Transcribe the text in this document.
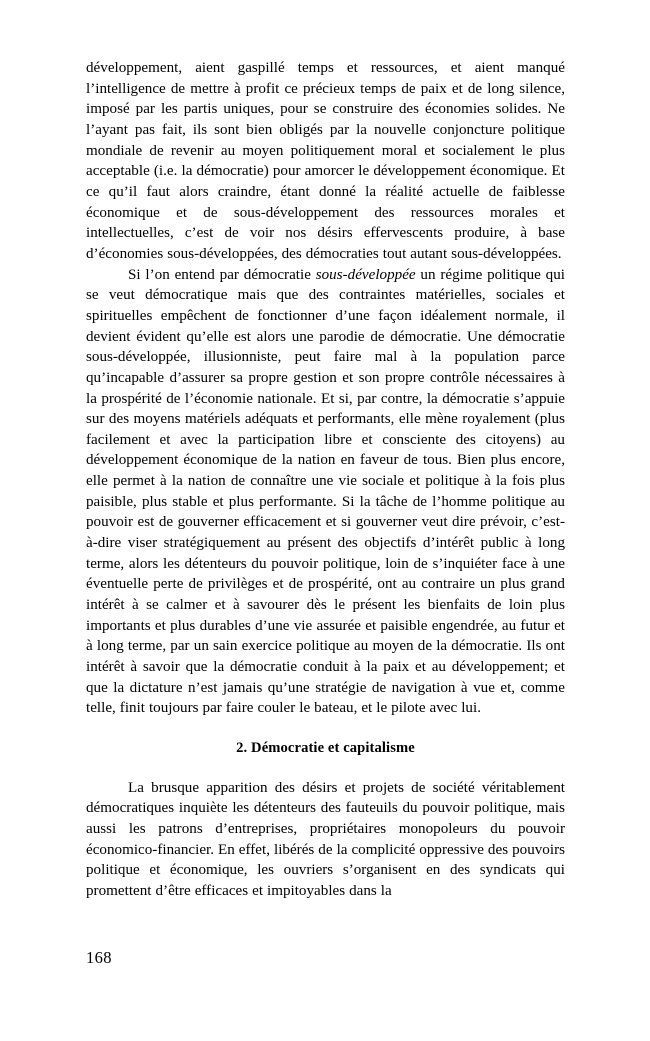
développement, aient gaspillé temps et ressources, et aient manqué l’intelligence de mettre à profit ce précieux temps de paix et de long silence, imposé par les partis uniques, pour se construire des économies solides. Ne l’ayant pas fait, ils sont bien obligés par la nouvelle conjoncture politique mondiale de revenir au moyen politiquement moral et socialement le plus acceptable (i.e. la démocratie) pour amorcer le développement économique. Et ce qu’il faut alors craindre, étant donné la réalité actuelle de faiblesse économique et de sous-développement des ressources morales et intellectuelles, c’est de voir nos désirs effervescents produire, à base d’économies sous-développées, des démocraties tout autant sous-développées.

Si l’on entend par démocratie sous-développée un régime politique qui se veut démocratique mais que des contraintes matérielles, sociales et spirituelles empêchent de fonctionner d’une façon idéalement normale, il devient évident qu’elle est alors une parodie de démocratie. Une démocratie sous-développée, illusionniste, peut faire mal à la population parce qu’incapable d’assurer sa propre gestion et son propre contrôle nécessaires à la prospérité de l’économie nationale. Et si, par contre, la démocratie s’appuie sur des moyens matériels adéquats et performants, elle mène royalement (plus facilement et avec la participation libre et consciente des citoyens) au développement économique de la nation en faveur de tous. Bien plus encore, elle permet à la nation de connaître une vie sociale et politique à la fois plus paisible, plus stable et plus performante. Si la tâche de l’homme politique au pouvoir est de gouverner efficacement et si gouverner veut dire prévoir, c’est-à-dire viser stratégiquement au présent des objectifs d’intérêt public à long terme, alors les détenteurs du pouvoir politique, loin de s’inquiéter face à une éventuelle perte de privilèges et de prospérité, ont au contraire un plus grand intérêt à se calmer et à savourer dès le présent les bienfaits de loin plus importants et plus durables d’une vie assurée et paisible engendrée, au futur et à long terme, par un sain exercice politique au moyen de la démocratie. Ils ont intérêt à savoir que la démocratie conduit à la paix et au développement; et que la dictature n’est jamais qu’une stratégie de navigation à vue et, comme telle, finit toujours par faire couler le bateau, et le pilote avec lui.

2. Démocratie et capitalisme

La brusque apparition des désirs et projets de société véritablement démocratiques inquiète les détenteurs des fauteuils du pouvoir politique, mais aussi les patrons d’entreprises, propriétaires monopoleurs du pouvoir économico-financier. En effet, libérés de la complicité oppressive des pouvoirs politique et économique, les ouvriers s’organisent en des syndicats qui promettent d’être efficaces et impitoyables dans la

168
